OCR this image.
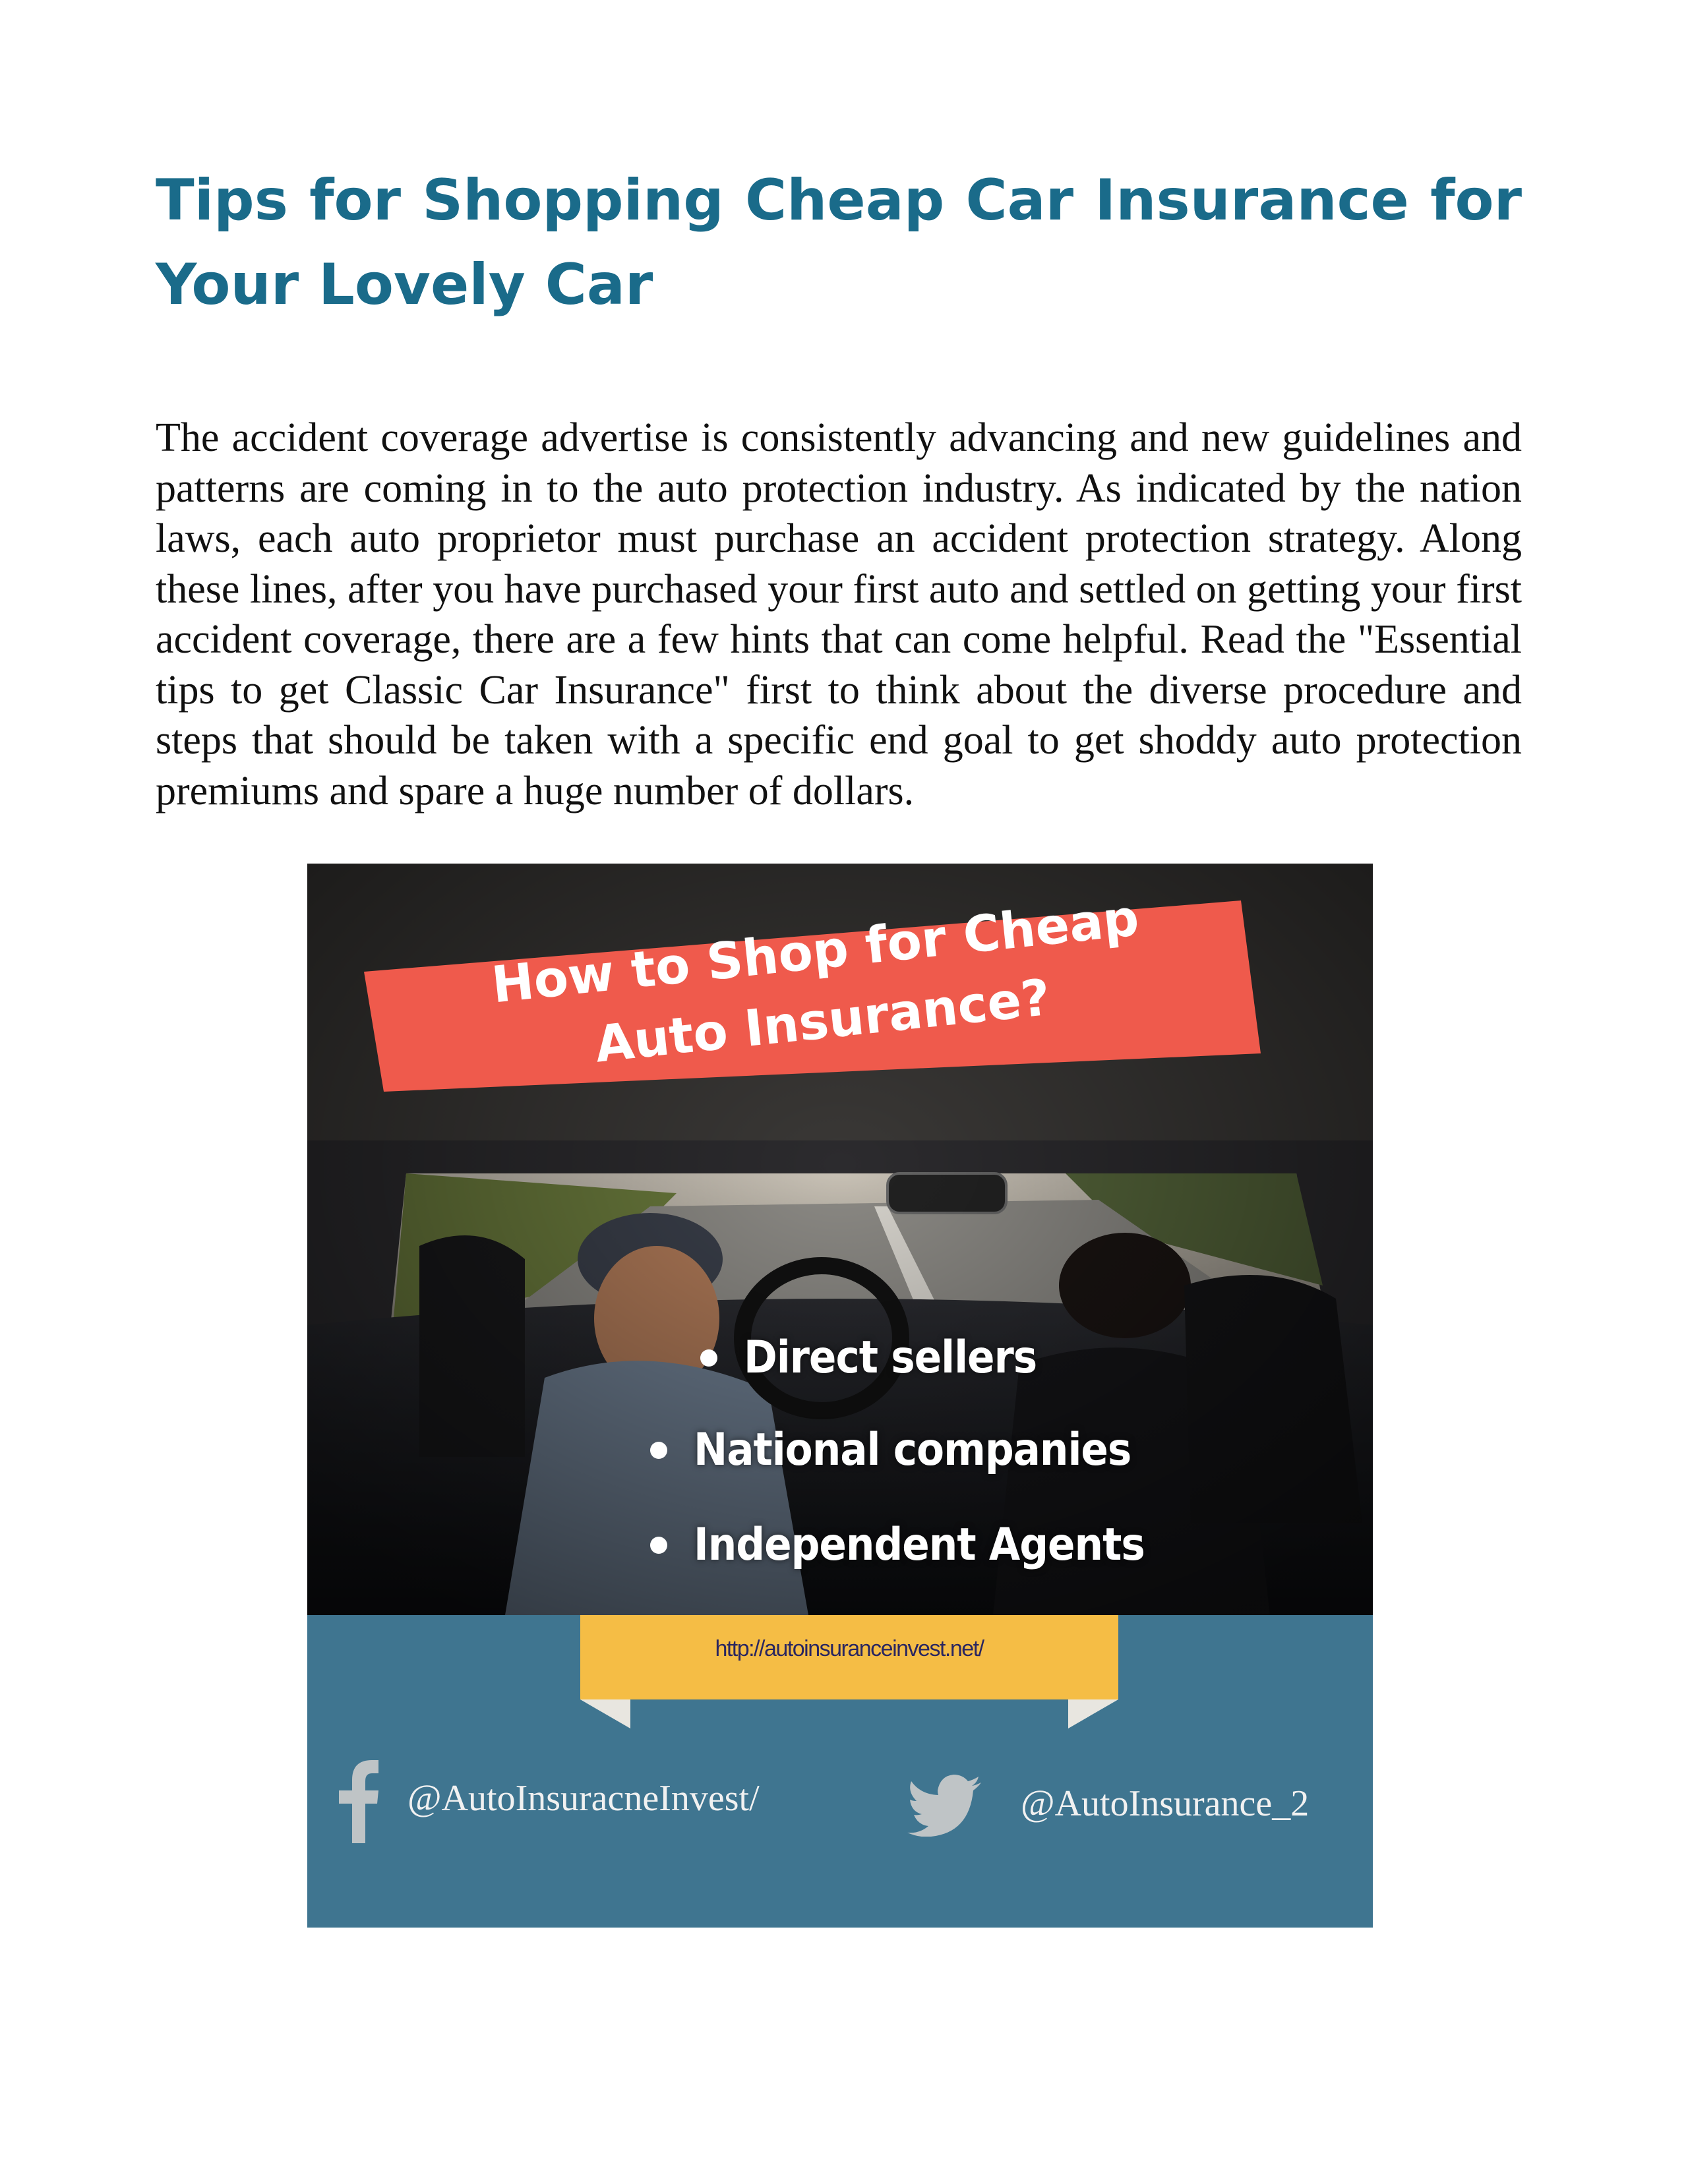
Tips for Shopping Cheap Car Insurance for Your Lovely Car

The accident coverage advertise is consistently advancing and new guidelines and patterns are coming in to the auto protection industry. As indicated by the nation laws, each auto proprietor must purchase an accident protection strategy. Along these lines, after you have purchased your first auto and settled on getting your first accident coverage, there are a few hints that can come helpful. Read the "Essential tips to get Classic Car Insurance" first to think about the diverse procedure and steps that should be taken with a specific end goal to get shoddy auto protection premiums and spare a huge number of dollars.

How to Shop for Cheap Auto Insurance?
Direct sellers
National companies
Independent Agents
http://autoinsuranceinvest.net/
@AutoInsuracneInvest/	@AutoInsurance_2
